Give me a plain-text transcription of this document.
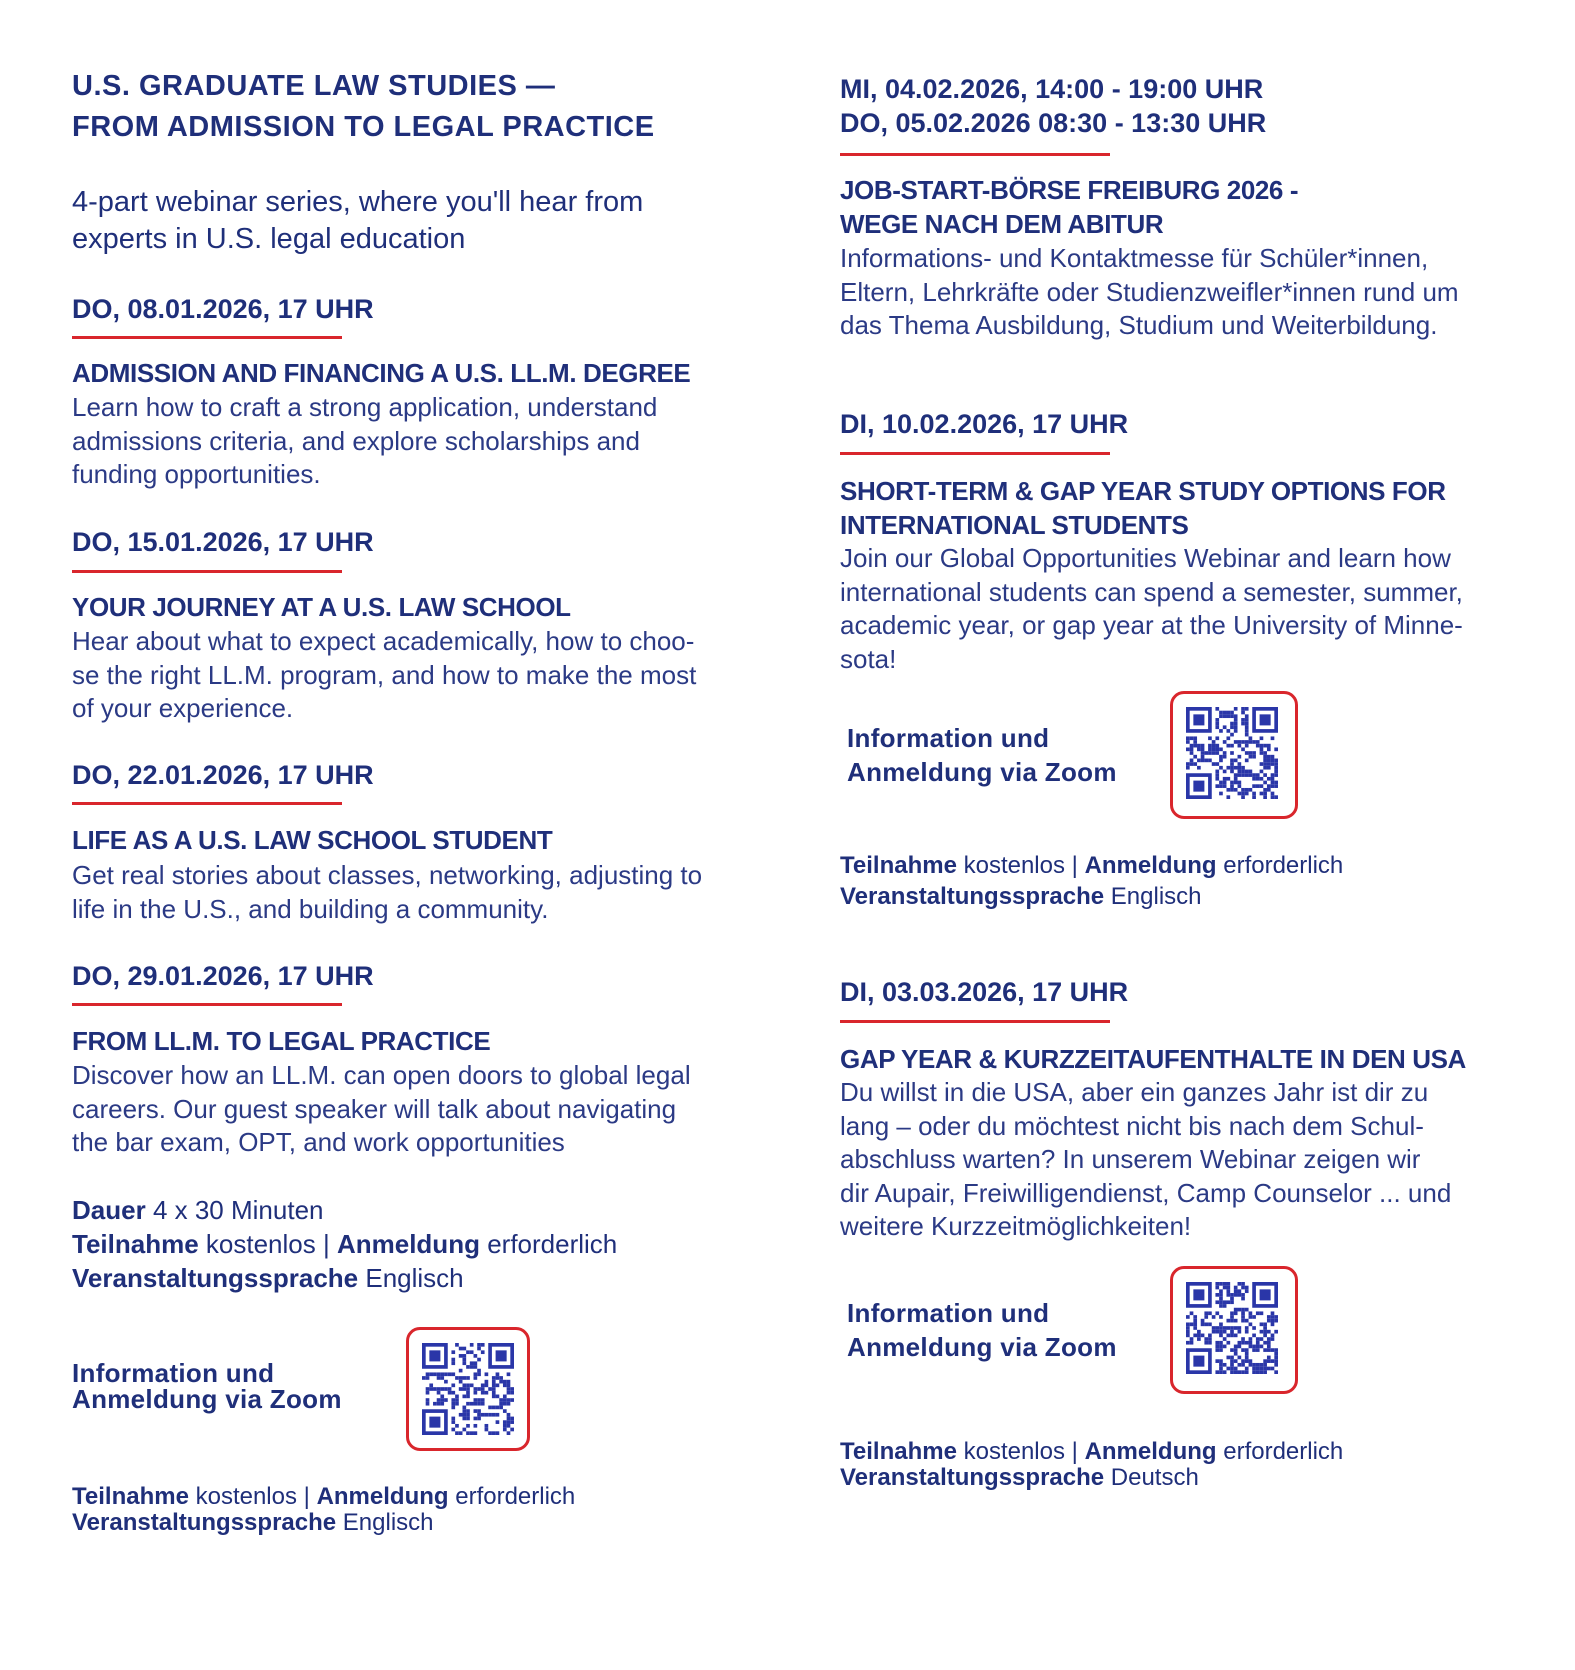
U.S. GRADUATE LAW STUDIES —
FROM ADMISSION TO LEGAL PRACTICE
4-part webinar series, where you'll hear from
experts in U.S. legal education
DO, 08.01.2026, 17 UHR
ADMISSION AND FINANCING A U.S. LL.M. DEGREE
Learn how to craft a strong application, understand
admissions criteria, and explore scholarships and
funding opportunities.
DO, 15.01.2026, 17 UHR
YOUR JOURNEY AT A U.S. LAW SCHOOL
Hear about what to expect academically, how to choo-
se the right LL.M. program, and how to make the most
of your experience.
DO, 22.01.2026, 17 UHR
LIFE AS A U.S. LAW SCHOOL STUDENT
Get real stories about classes, networking, adjusting to
life in the U.S., and building a community.
DO, 29.01.2026, 17 UHR
FROM LL.M. TO LEGAL PRACTICE
Discover how an LL.M. can open doors to global legal
careers. Our guest speaker will talk about navigating
the bar exam, OPT, and work opportunities
Dauer 4 x 30 Minuten
Teilnahme kostenlos | Anmeldung erforderlich
Veranstaltungssprache Englisch
Information und
Anmeldung via Zoom
Teilnahme kostenlos | Anmeldung erforderlich
Veranstaltungssprache Englisch
MI, 04.02.2026, 14:00 - 19:00 UHR
DO, 05.02.2026 08:30 - 13:30 UHR
JOB-START-BÖRSE FREIBURG 2026 -
WEGE NACH DEM ABITUR
Informations- und Kontaktmesse für Schüler*innen,
Eltern, Lehrkräfte oder Studienzweifler*innen rund um
das Thema Ausbildung, Studium und Weiterbildung.
DI, 10.02.2026, 17 UHR
SHORT-TERM & GAP YEAR STUDY OPTIONS FOR
INTERNATIONAL STUDENTS
Join our Global Opportunities Webinar and learn how
international students can spend a semester, summer,
academic year, or gap year at the University of Minne-
sota!
Information und
Anmeldung via Zoom
Teilnahme kostenlos | Anmeldung erforderlich
Veranstaltungssprache Englisch
DI, 03.03.2026, 17 UHR
GAP YEAR & KURZZEITAUFENTHALTE IN DEN USA
Du willst in die USA, aber ein ganzes Jahr ist dir zu
lang – oder du möchtest nicht bis nach dem Schul-
abschluss warten? In unserem Webinar zeigen wir
dir Aupair, Freiwilligendienst, Camp Counselor ... und
weitere Kurzzeitmöglichkeiten!
Information und
Anmeldung via Zoom
Teilnahme kostenlos | Anmeldung erforderlich
Veranstaltungssprache Deutsch
